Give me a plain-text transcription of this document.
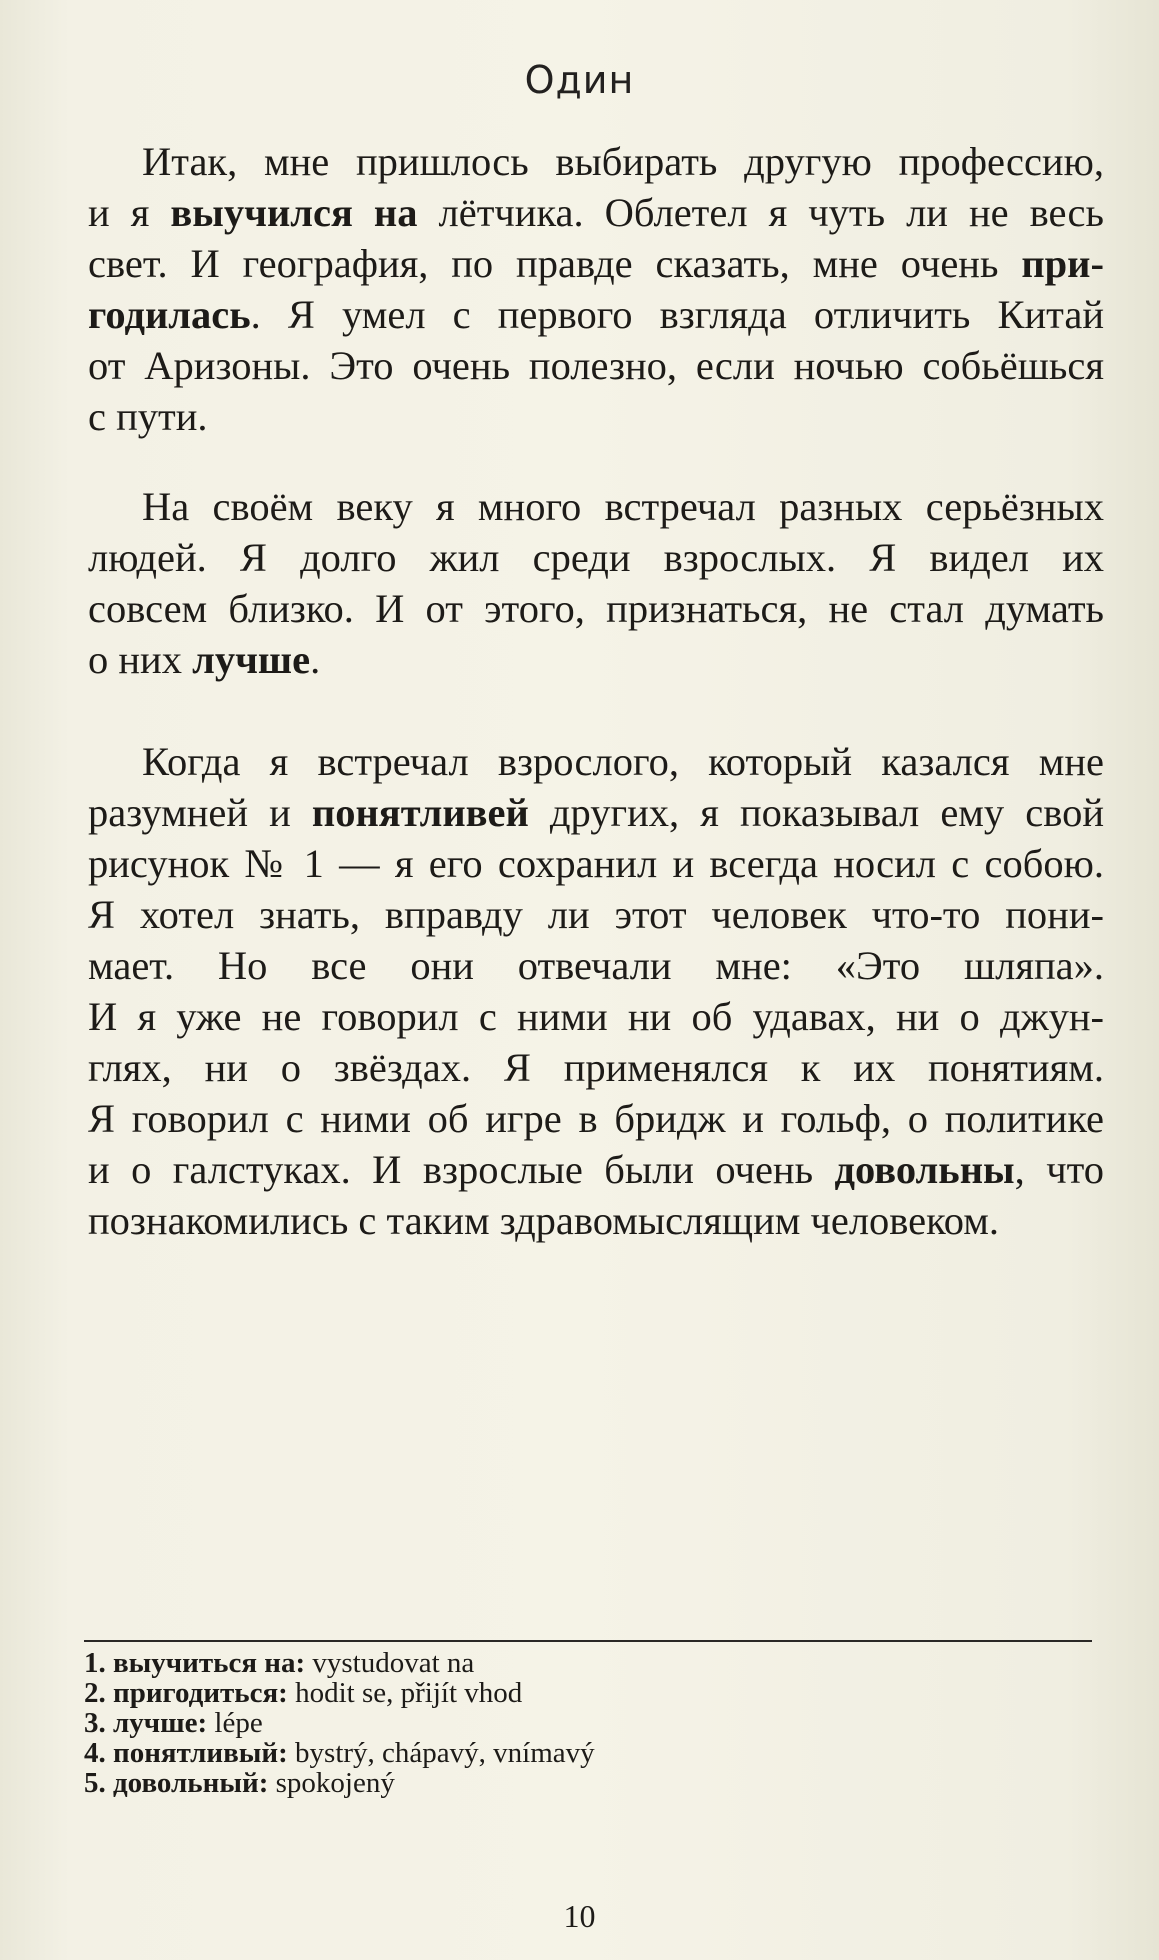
Один

Итак, мне пришлось выбирать другую профессию,
и я выучился на лётчика. Облетел я чуть ли не весь
свет. И география, по правде сказать, мне очень при-
годилась. Я умел с первого взгляда отличить Китай
от Аризоны. Это очень полезно, если ночью собьёшься
с пути.

На своём веку я много встречал разных серьёзных
людей. Я долго жил среди взрослых. Я видел их
совсем близко. И от этого, признаться, не стал думать
о них лучше.

Когда я встречал взрослого, который казался мне
разумней и понятливей других, я показывал ему свой
рисунок № 1 — я его сохранил и всегда носил с собою.
Я хотел знать, вправду ли этот человек что-то пони-
мает. Но все они отвечали мне: «Это шляпа».
И я уже не говорил с ними ни об удавах, ни о джун-
глях, ни о звёздах. Я применялся к их понятиям.
Я говорил с ними об игре в бридж и гольф, о политике
и о галстуках. И взрослые были очень довольны, что
познакомились с таким здравомыслящим человеком.

1. выучиться на: vystudovat na
2. пригодиться: hodit se, přijít vhod
3. лучше: lépe
4. понятливый: bystrý, chápavý, vnímavý
5. довольный: spokojený
10
